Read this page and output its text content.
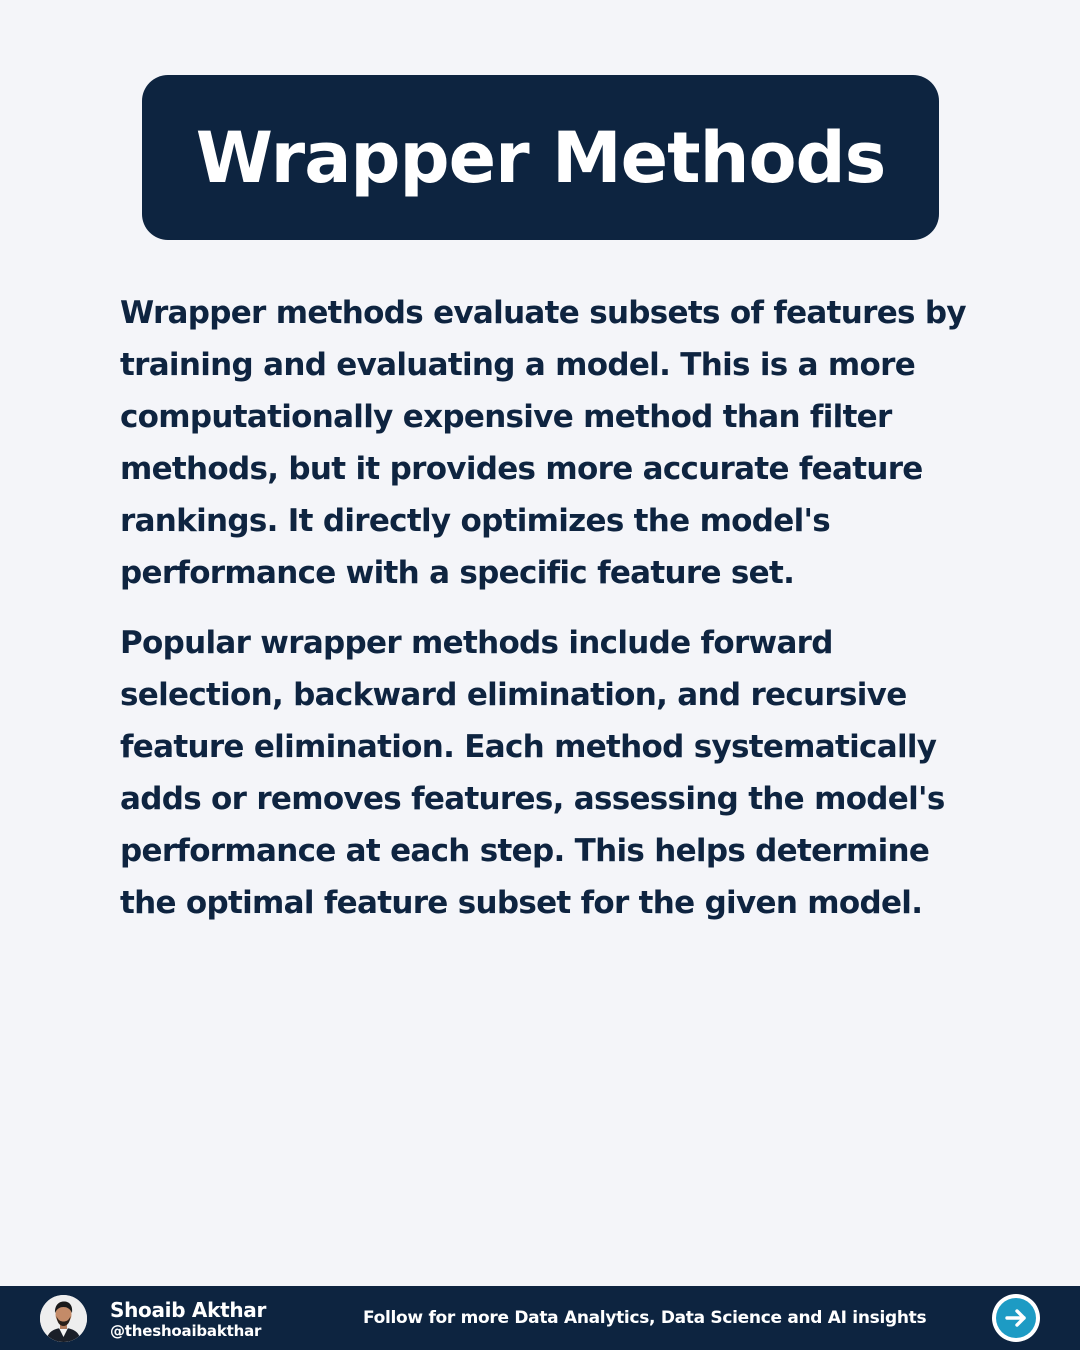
Wrapper Methods

Wrapper methods evaluate subsets of features by training and evaluating a model. This is a more computationally expensive method than filter methods, but it provides more accurate feature rankings. It directly optimizes the model's performance with a specific feature set.

Popular wrapper methods include forward selection, backward elimination, and recursive feature elimination. Each method systematically adds or removes features, assessing the model's performance at each step. This helps determine the optimal feature subset for the given model.

Shoaib Akthar
@theshoaibakthar
Follow for more Data Analytics, Data Science and AI insights
